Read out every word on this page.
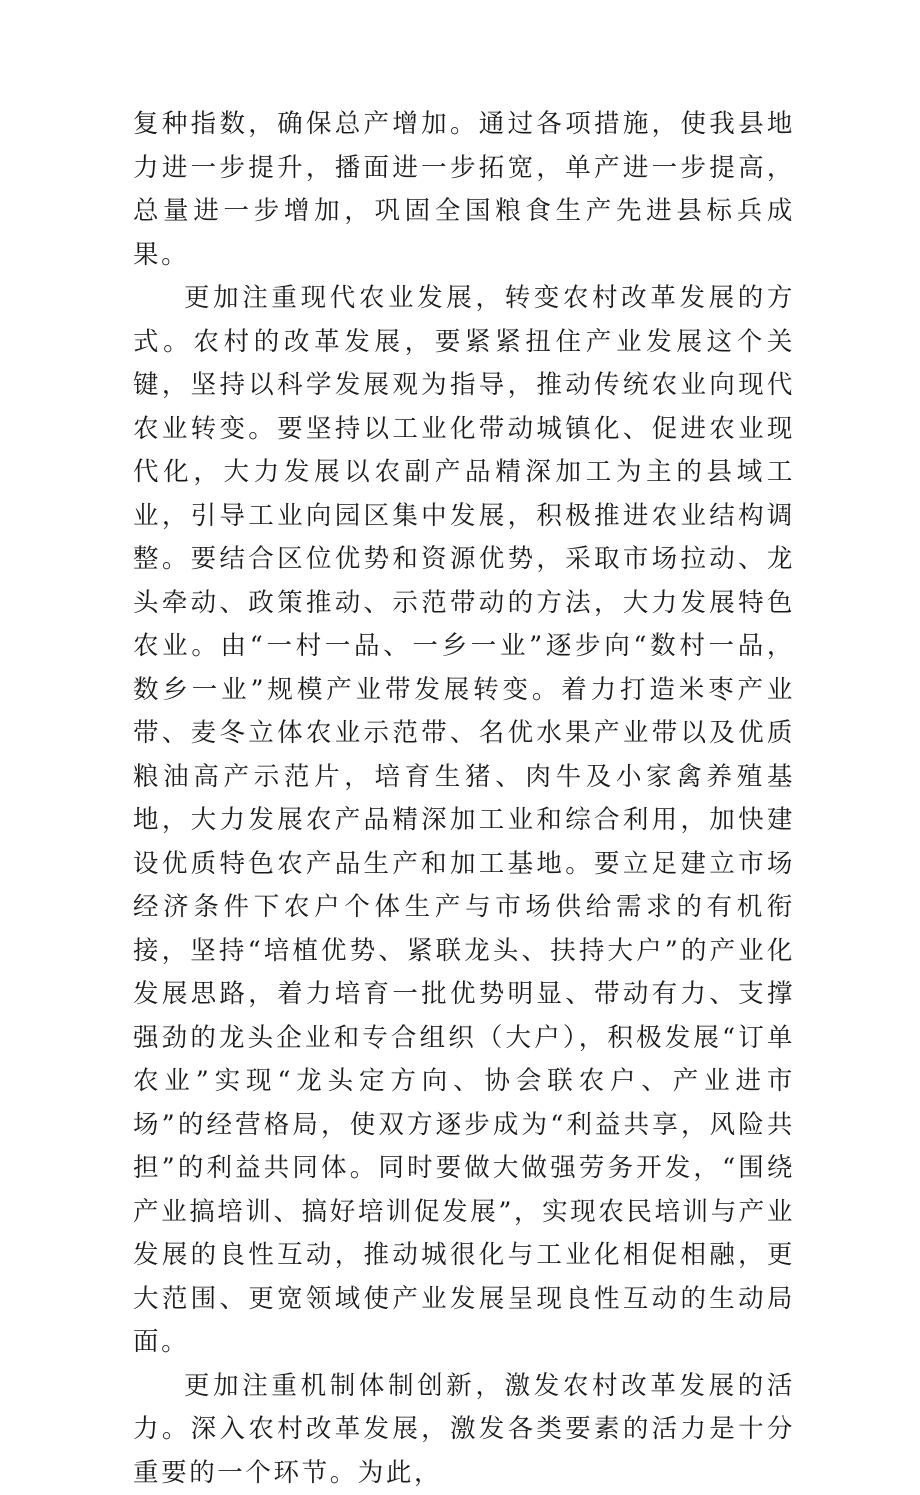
复种指数，确保总产增加。通过各项措施，使我县地力进一步提升，播面进一步拓宽，单产进一步提高，总量进一步增加，巩固全国粮食生产先进县标兵成果。

更加注重现代农业发展，转变农村改革发展的方式。农村的改革发展，要紧紧扭住产业发展这个关键，坚持以科学发展观为指导，推动传统农业向现代农业转变。要坚持以工业化带动城镇化、促进农业现代化，大力发展以农副产品精深加工为主的县域工业，引导工业向园区集中发展，积极推进农业结构调整。要结合区位优势和资源优势，采取市场拉动、龙头牵动、政策推动、示范带动的方法，大力发展特色农业。由“一村一品、一乡一业”逐步向“数村一品，数乡一业”规模产业带发展转变。着力打造米枣产业带、麦冬立体农业示范带、名优水果产业带以及优质粮油高产示范片，培育生猪、肉牛及小家禽养殖基地，大力发展农产品精深加工业和综合利用，加快建设优质特色农产品生产和加工基地。要立足建立市场经济条件下农户个体生产与市场供给需求的有机衔接，坚持“培植优势、紧联龙头、扶持大户”的产业化发展思路，着力培育一批优势明显、带动有力、支撑强劲的龙头企业和专合组织（大户），积极发展“订单农业”实现“龙头定方向、协会联农户、产业进市场”的经营格局，使双方逐步成为“利益共享，风险共担”的利益共同体。同时要做大做强劳务开发，“围绕产业搞培训、搞好培训促发展”，实现农民培训与产业发展的良性互动，推动城很化与工业化相促相融，更大范围、更宽领域使产业发展呈现良性互动的生动局面。

更加注重机制体制创新，激发农村改革发展的活力。深入农村改革发展，激发各类要素的活力是十分重要的一个环节。为此，
